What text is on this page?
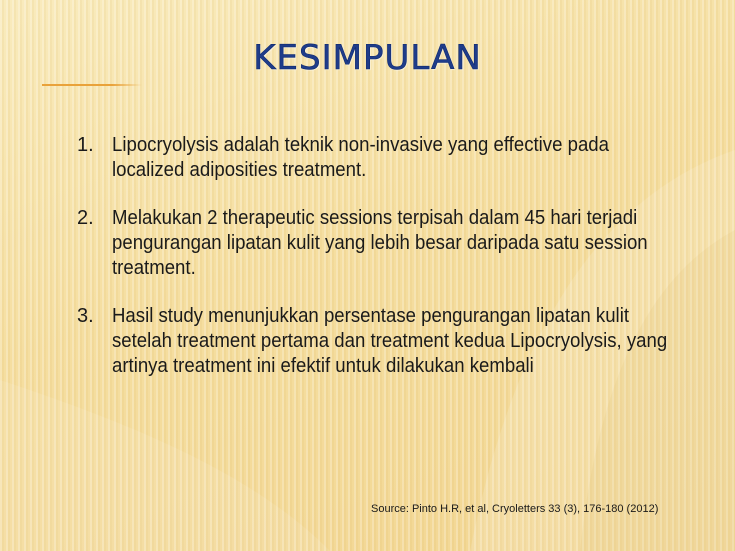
KESIMPULAN
1. Lipocryolysis adalah teknik non-invasive yang effective pada localized adiposities treatment.
2. Melakukan 2 therapeutic sessions terpisah dalam 45 hari terjadi pengurangan lipatan kulit yang lebih besar daripada satu session treatment.
3. Hasil study menunjukkan persentase pengurangan lipatan kulit setelah treatment pertama dan treatment kedua Lipocryolysis, yang artinya treatment ini efektif untuk dilakukan kembali
Source: Pinto H.R, et al, Cryoletters 33 (3), 176-180 (2012)
